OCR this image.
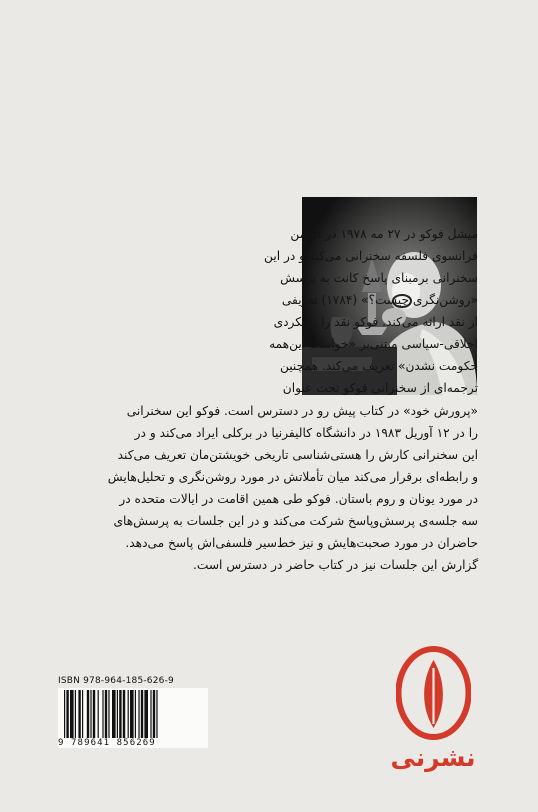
میشل فوکو در ۲۷ مه ۱۹۷۸ در انجمن
فرانسوی فلسفه سخنرانی می‌کند و در این
سخنرانی برمبنای پاسخ کانت به پرسش
«روشن‌نگری چیست؟» (۱۷۸۴) تعریفی
از نقد ارائه می‌کند. فوکو نقد را رویکردی
اخلاقی-سیاسی مبتنی‌بر «خواست این‌همه
حکومت نشدن» تعریف می‌کند. همچنین
ترجمه‌ای از سخنرانی فوکو تحت عنوان
«پرورش خود» در کتاب پیش رو در دسترس است. فوکو این سخنرانی
را در ۱۲ آوریل ۱۹۸۳ در دانشگاه کالیفرنیا در برکلی ایراد می‌کند و در
این سخنرانی کارش را هستی‌شناسی تاریخی خویشتن‌مان تعریف می‌کند
و رابطه‌ای برقرار می‌کند میان تأملاتش در مورد روشن‌نگری و تحلیل‌هایش
در مورد یونان و روم باستان. فوکو طی همین اقامت در ایالات متحده در
سه جلسه‌ی پرسش‌وپاسخ شرکت می‌کند و در این جلسات به پرسش‌های
حاضران در مورد صحبت‌هایش و نیز خط‌سیر فلسفی‌اش پاسخ می‌دهد.
گزارش این جلسات نیز در کتاب حاضر در دسترس است.
ISBN 978-964-185-626-9
9 789641 856269	نشرنی
